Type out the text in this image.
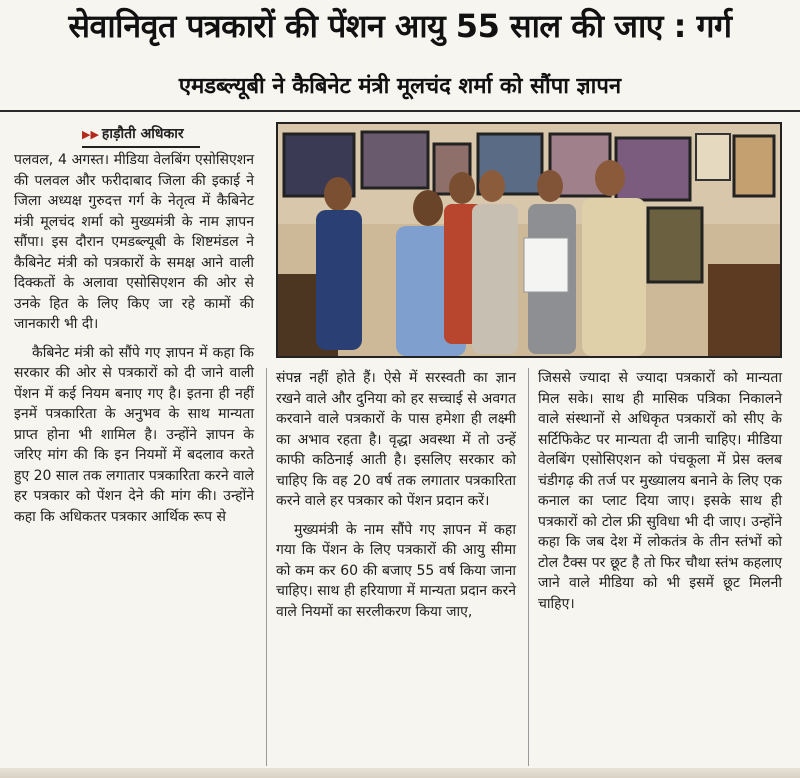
सेवानिवृत पत्रकारों की पेंशन आयु 55 साल की जाए : गर्ग
एमडब्ल्यूबी ने कैबिनेट मंत्री मूलचंद शर्मा को सौंपा ज्ञापन
▶▶ हाड़ौती अधिकार

पलवल, 4 अगस्त। मीडिया वेलबिंग एसोसिएशन की पलवल और फरीदाबाद जिला की इकाई ने जिला अध्यक्ष गुरुदत्त गर्ग के नेतृत्व में कैबिनेट मंत्री मूलचंद शर्मा को मुख्यमंत्री के नाम ज्ञापन सौंपा। इस दौरान एमडब्ल्यूबी के शिष्टमंडल ने कैबिनेट मंत्री को पत्रकारों के समक्ष आने वाली दिक्कतों के अलावा एसोसिएशन की ओर से उनके हित के लिए किए जा रहे कामों की जानकारी भी दी।

कैबिनेट मंत्री को सौंपे गए ज्ञापन में कहा कि सरकार की ओर से पत्रकारों को दी जाने वाली पेंशन में कई नियम बनाए गए है। इतना ही नहीं इनमें पत्रकारिता के अनुभव के साथ मान्यता प्राप्त होना भी शामिल है। उन्होंने ज्ञापन के जरिए मांग की कि इन नियमों में बदलाव करते हुए 20 साल तक लगातार पत्रकारिता करने वाले हर पत्रकार को पेंशन देने की मांग की। उन्होंने कहा कि अधिकतर पत्रकार आर्थिक रूप से

संपन्न नहीं होते हैं। ऐसे में सरस्वती का ज्ञान रखने वाले और दुनिया को हर सच्चाई से अवगत करवाने वाले पत्रकारों के पास हमेशा ही लक्ष्मी का अभाव रहता है। वृद्धा अवस्था में तो उन्हें काफी कठिनाई आती है। इसलिए सरकार को चाहिए कि वह 20 वर्ष तक लगातार पत्रकारिता करने वाले हर पत्रकार को पेंशन प्रदान करें।

मुख्यमंत्री के नाम सौंपे गए ज्ञापन में कहा गया कि पेंशन के लिए पत्रकारों की आयु सीमा को कम कर 60 की बजाए 55 वर्ष किया जाना चाहिए। साथ ही हरियाणा में मान्यता प्रदान करने वाले नियमों का सरलीकरण किया जाए,

जिससे ज्यादा से ज्यादा पत्रकारों को मान्यता मिल सके। साथ ही मासिक पत्रिका निकालने वाले संस्थानों से अधिकृत पत्रकारों को सीए के सर्टिफिकेट पर मान्यता दी जानी चाहिए। मीडिया वेलबिंग एसोसिएशन को पंचकूला में प्रेस क्लब चंडीगढ़ की तर्ज पर मुख्यालय बनाने के लिए एक कनाल का प्लाट दिया जाए। इसके साथ ही पत्रकारों को टोल फ्री सुविधा भी दी जाए। उन्होंने कहा कि जब देश में लोकतंत्र के तीन स्तंभों को टोल टैक्स पर छूट है तो फिर चौथा स्तंभ कहलाए जाने वाले मीडिया को भी इसमें छूट मिलनी चाहिए।
